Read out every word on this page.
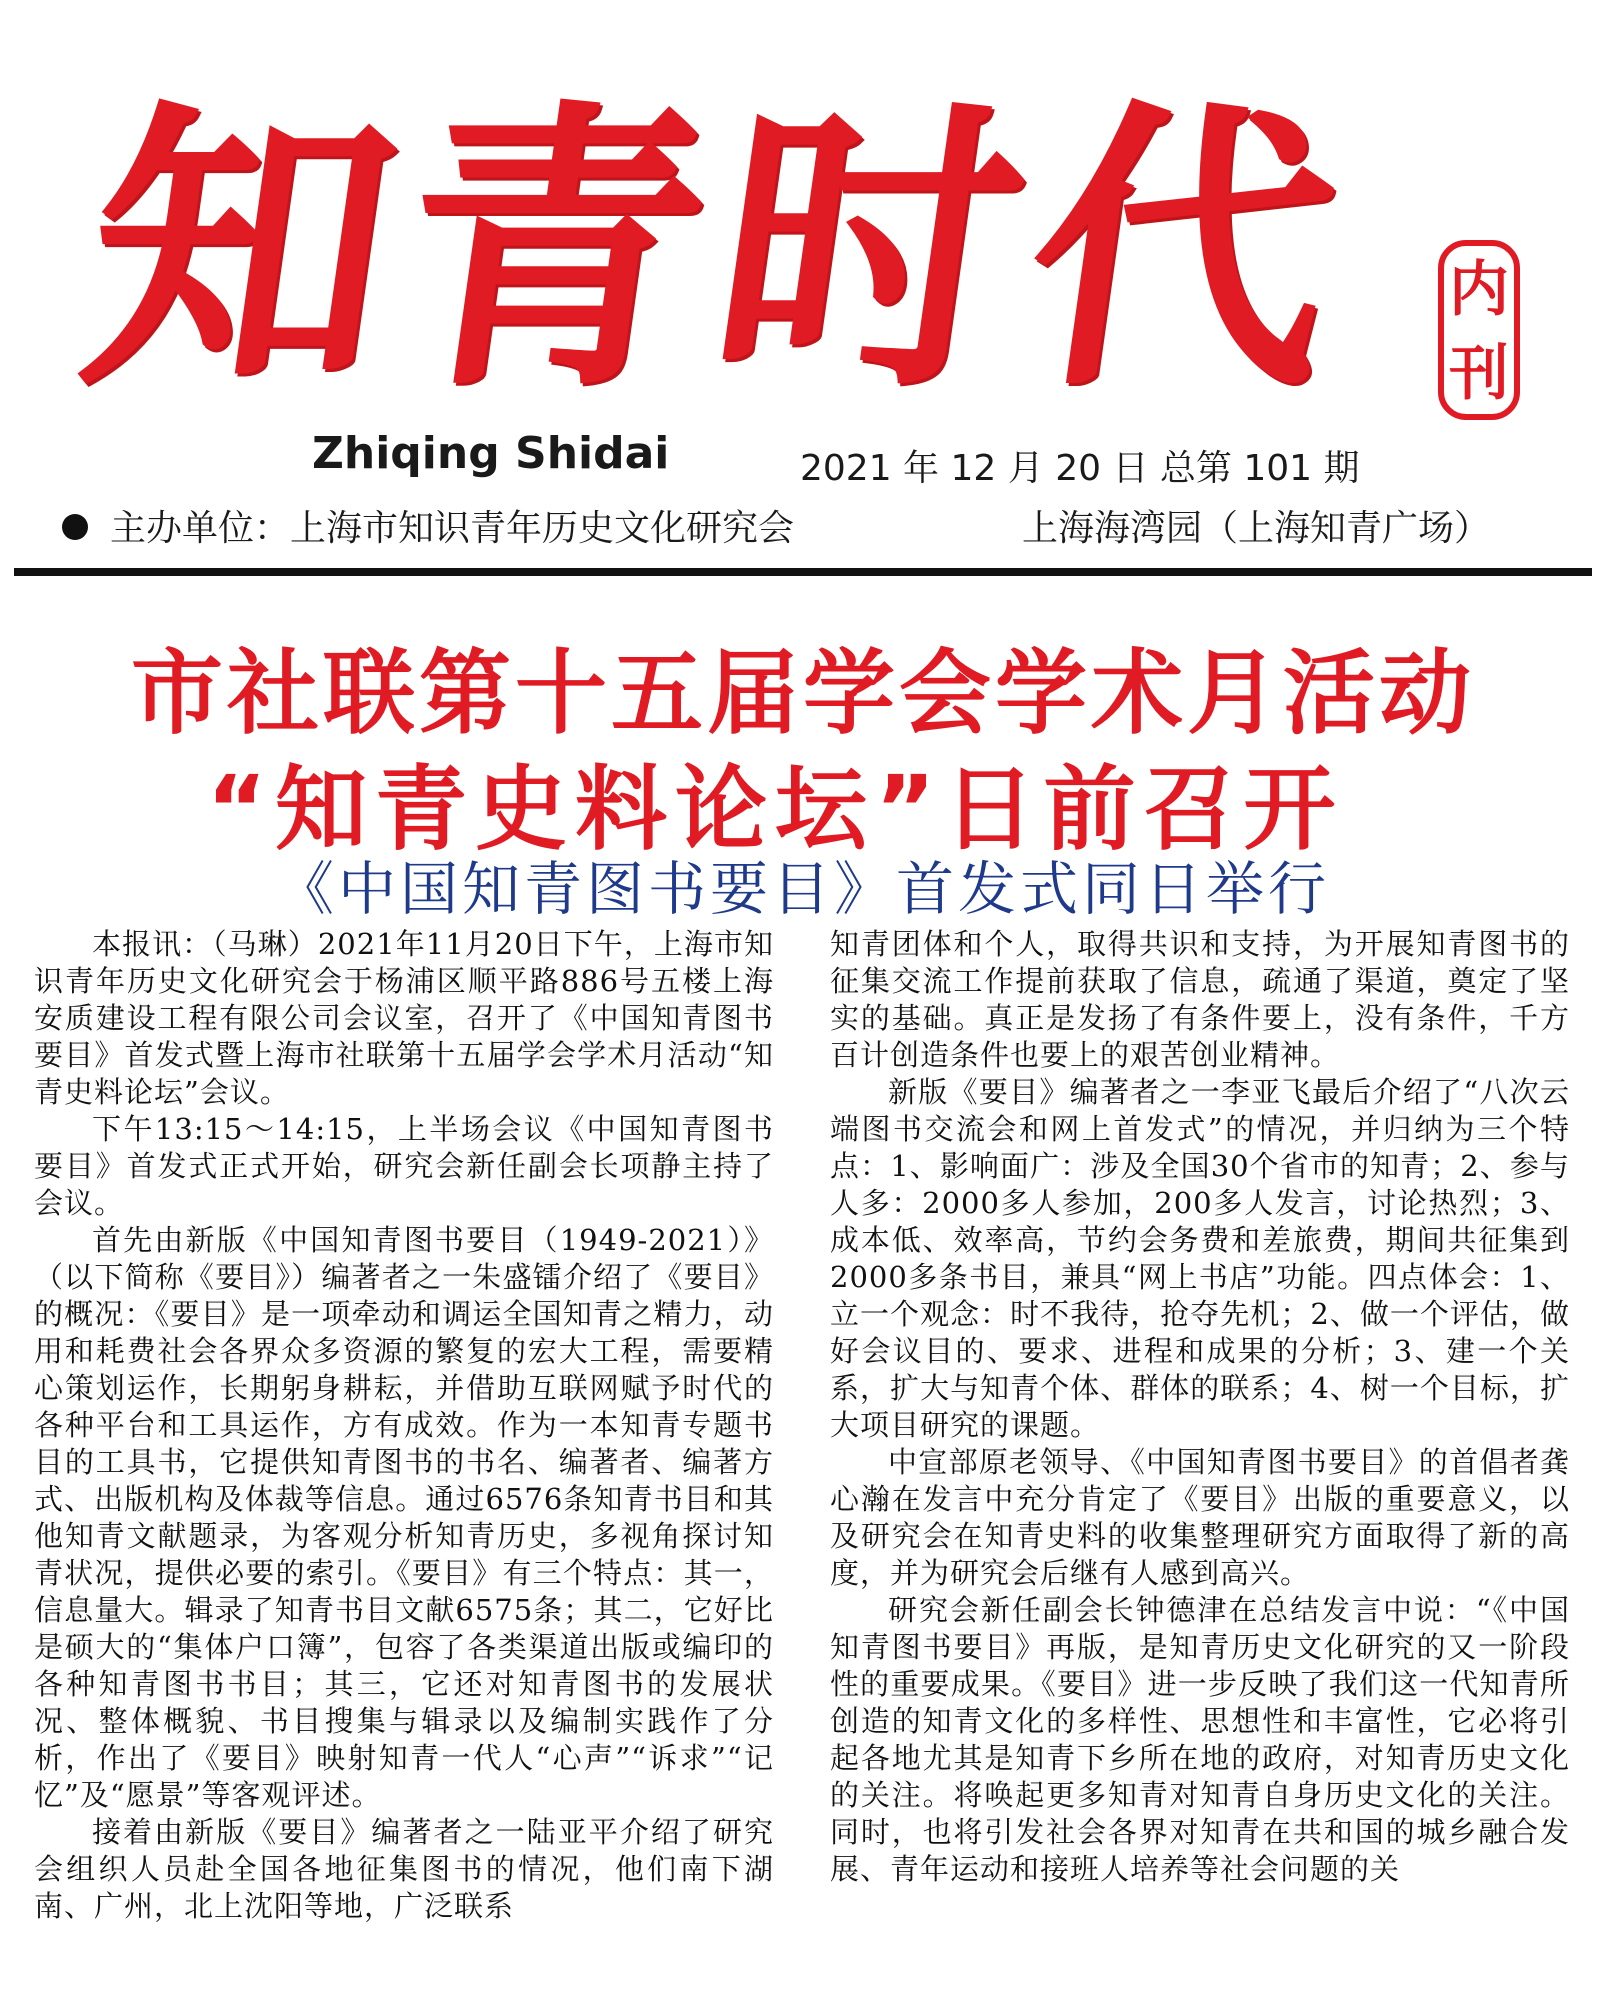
知青时代	内
刊
Zhiqing Shidai	2021 年 12 月 20 日 总第 101 期
主办单位：上海市知识青年历史文化研究会	上海海湾园（上海知青广场）
市社联第十五届学会学术月活动
“知青史料论坛”日前召开
《中国知青图书要目》首发式同日举行

本报讯：（马琳）2021年11月20日下午，上海市知识青年历史文化研究会于杨浦区顺平路886号五楼上海安质建设工程有限公司会议室，召开了《中国知青图书要目》首发式暨上海市社联第十五届学会学术月活动“知青史料论坛”会议。

下午13:15～14:15，上半场会议《中国知青图书要目》首发式正式开始，研究会新任副会长项静主持了会议。

首先由新版《中国知青图书要目（1949-2021）》（以下简称《要目》）编著者之一朱盛镭介绍了《要目》的概况：《要目》是一项牵动和调运全国知青之精力，动用和耗费社会各界众多资源的繁复的宏大工程，需要精心策划运作，长期躬身耕耘，并借助互联网赋予时代的各种平台和工具运作，方有成效。作为一本知青专题书目的工具书，它提供知青图书的书名、编著者、编著方式、出版机构及体裁等信息。通过6576条知青书目和其他知青文献题录，为客观分析知青历史，多视角探讨知青状况，提供必要的索引。《要目》有三个特点：其一，信息量大。辑录了知青书目文献6575条；其二，它好比是硕大的“集体户口簿”，包容了各类渠道出版或编印的各种知青图书书目；其三，它还对知青图书的发展状况、整体概貌、书目搜集与辑录以及编制实践作了分析，作出了《要目》映射知青一代人“心声”“诉求”“记忆”及“愿景”等客观评述。

接着由新版《要目》编著者之一陆亚平介绍了研究会组织人员赴全国各地征集图书的情况，他们南下湖南、广州，北上沈阳等地，广泛联系

知青团体和个人，取得共识和支持，为开展知青图书的征集交流工作提前获取了信息，疏通了渠道，奠定了坚实的基础。真正是发扬了有条件要上，没有条件，千方百计创造条件也要上的艰苦创业精神。

新版《要目》编著者之一李亚飞最后介绍了“八次云端图书交流会和网上首发式”的情况，并归纳为三个特点：1、影响面广：涉及全国30个省市的知青；2、参与人多：2000多人参加，200多人发言，讨论热烈；3、成本低、效率高，节约会务费和差旅费，期间共征集到2000多条书目，兼具“网上书店”功能。四点体会：1、立一个观念：时不我待，抢夺先机；2、做一个评估，做好会议目的、要求、进程和成果的分析；3、建一个关系，扩大与知青个体、群体的联系；4、树一个目标，扩大项目研究的课题。

中宣部原老领导、《中国知青图书要目》的首倡者龚心瀚在发言中充分肯定了《要目》出版的重要意义，以及研究会在知青史料的收集整理研究方面取得了新的高度，并为研究会后继有人感到高兴。

研究会新任副会长钟德津在总结发言中说：“《中国知青图书要目》再版，是知青历史文化研究的又一阶段性的重要成果。《要目》进一步反映了我们这一代知青所创造的知青文化的多样性、思想性和丰富性，它必将引起各地尤其是知青下乡所在地的政府，对知青历史文化的关注。将唤起更多知青对知青自身历史文化的关注。同时，也将引发社会各界对知青在共和国的城乡融合发展、青年运动和接班人培养等社会问题的关
